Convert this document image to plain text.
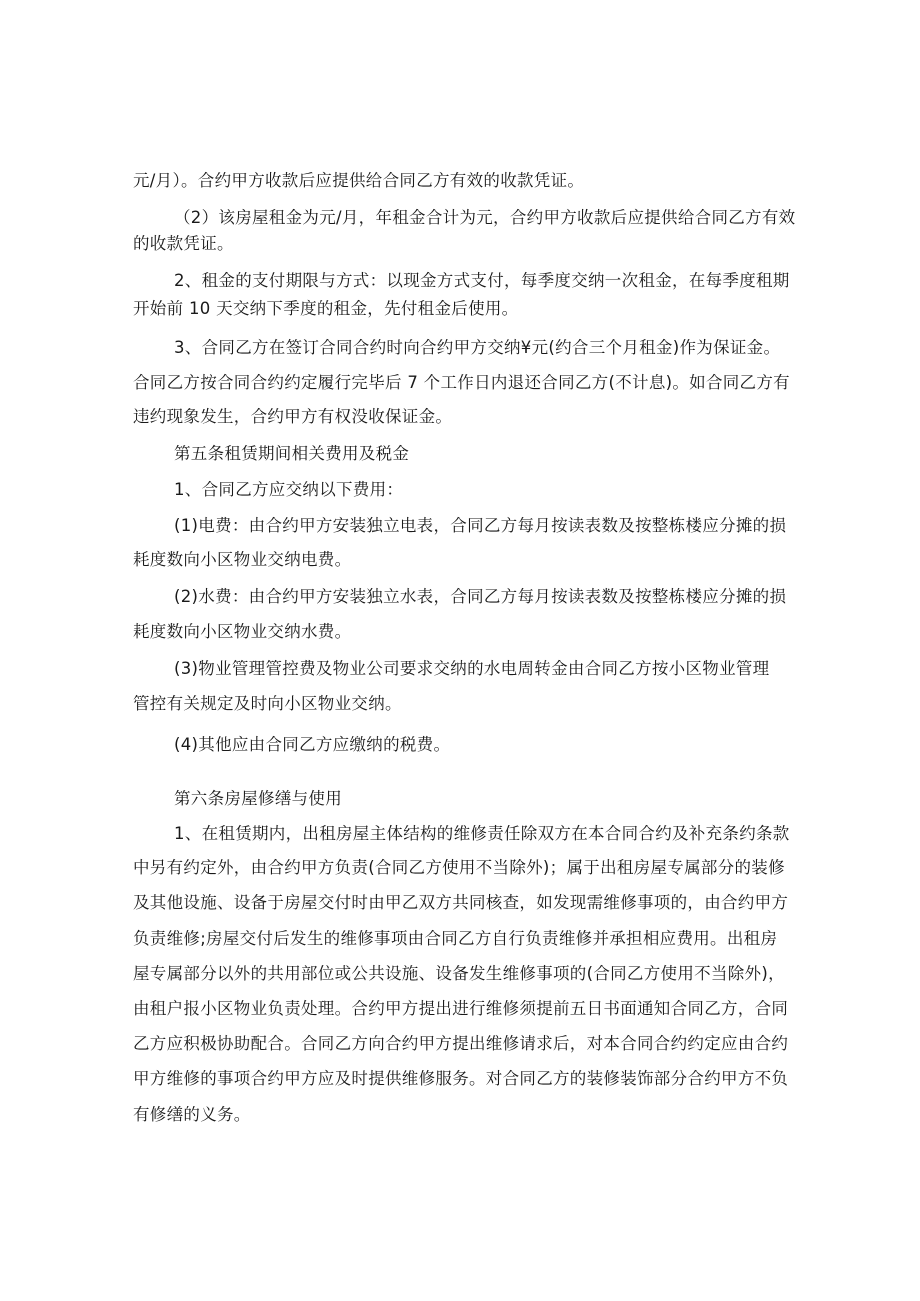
元/月）。合约甲方收款后应提供给合同乙方有效的收款凭证。
（2）该房屋租金为元/月，年租金合计为元，合约甲方收款后应提供给合同乙方有效
的收款凭证。
2、租金的支付期限与方式：以现金方式支付，每季度交纳一次租金，在每季度租期
开始前 10 天交纳下季度的租金，先付租金后使用。
3、合同乙方在签订合同合约时向合约甲方交纳¥元(约合三个月租金)作为保证金。
合同乙方按合同合约约定履行完毕后 7 个工作日内退还合同乙方(不计息)。如合同乙方有
违约现象发生，合约甲方有权没收保证金。
第五条租赁期间相关费用及税金
1、合同乙方应交纳以下费用：
(1)电费：由合约甲方安装独立电表，合同乙方每月按读表数及按整栋楼应分摊的损
耗度数向小区物业交纳电费。
(2)水费：由合约甲方安装独立水表，合同乙方每月按读表数及按整栋楼应分摊的损
耗度数向小区物业交纳水费。
(3)物业管理管控费及物业公司要求交纳的水电周转金由合同乙方按小区物业管理
管控有关规定及时向小区物业交纳。
(4)其他应由合同乙方应缴纳的税费。
第六条房屋修缮与使用
1、在租赁期内，出租房屋主体结构的维修责任除双方在本合同合约及补充条约条款
中另有约定外，由合约甲方负责(合同乙方使用不当除外)；属于出租房屋专属部分的装修
及其他设施、设备于房屋交付时由甲乙双方共同核查，如发现需维修事项的，由合约甲方
负责维修;房屋交付后发生的维修事项由合同乙方自行负责维修并承担相应费用。出租房
屋专属部分以外的共用部位或公共设施、设备发生维修事项的(合同乙方使用不当除外)，
由租户报小区物业负责处理。合约甲方提出进行维修须提前五日书面通知合同乙方，合同
乙方应积极协助配合。合同乙方向合约甲方提出维修请求后，对本合同合约约定应由合约
甲方维修的事项合约甲方应及时提供维修服务。对合同乙方的装修装饰部分合约甲方不负
有修缮的义务。
